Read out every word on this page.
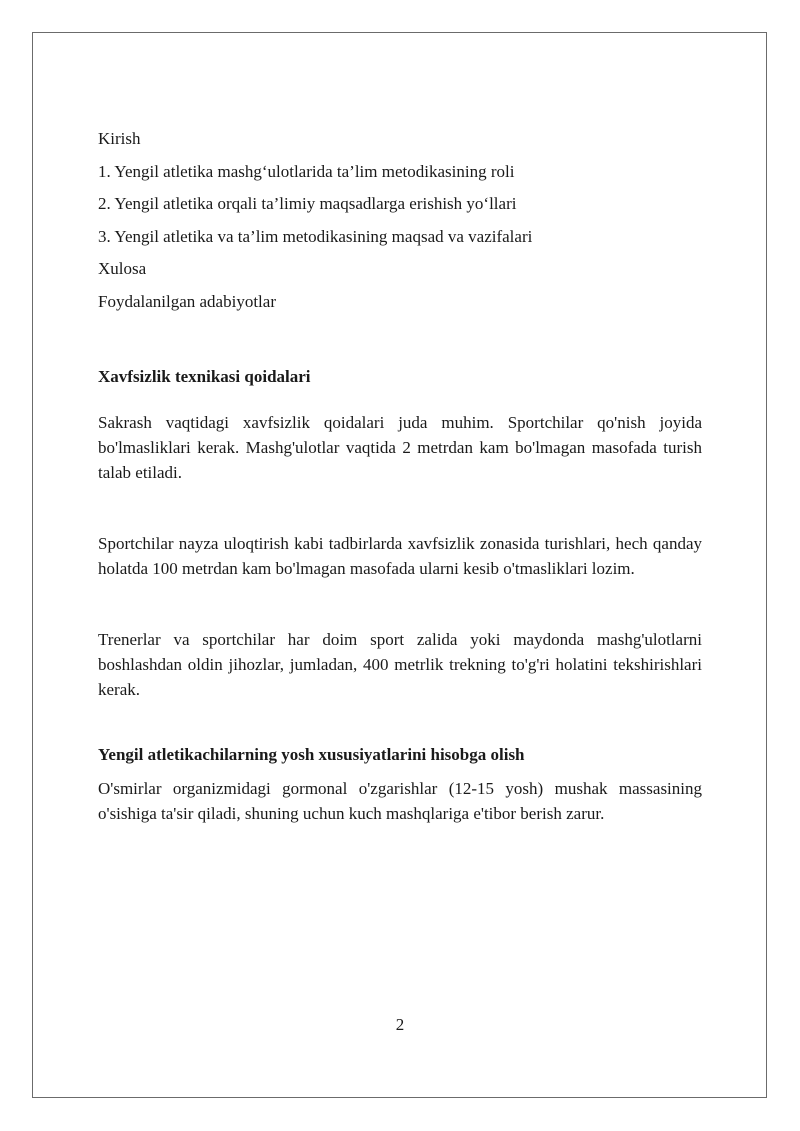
Kirish
1. Yengil atletika mashg‘ulotlarida ta’lim metodikasining roli
2. Yengil atletika orqali ta’limiy maqsadlarga erishish yo‘llari
3. Yengil atletika va ta’lim metodikasining maqsad va vazifalari
Xulosa
Foydalanilgan adabiyotlar
Xavfsizlik texnikasi qoidalari

Sakrash vaqtidagi xavfsizlik qoidalari juda muhim. Sportchilar qo'nish joyida bo'lmasliklari kerak. Mashg'ulotlar vaqtida 2 metrdan kam bo'lmagan masofada turish talab etiladi.

Sportchilar nayza uloqtirish kabi tadbirlarda xavfsizlik zonasida turishlari, hech qanday holatda 100 metrdan kam bo'lmagan masofada ularni kesib o'tmasliklari lozim.

Trenerlar va sportchilar har doim sport zalida yoki maydonda mashg'ulotlarni boshlashdan oldin jihozlar, jumladan, 400 metrlik trekning to'g'ri holatini tekshirishlari kerak.

Yengil atletikachilarning yosh xususiyatlarini hisobga olish

O'smirlar organizmidagi gormonal o'zgarishlar (12-15 yosh) mushak massasining o'sishiga ta'sir qiladi, shuning uchun kuch mashqlariga e'tibor berish zarur.

2
